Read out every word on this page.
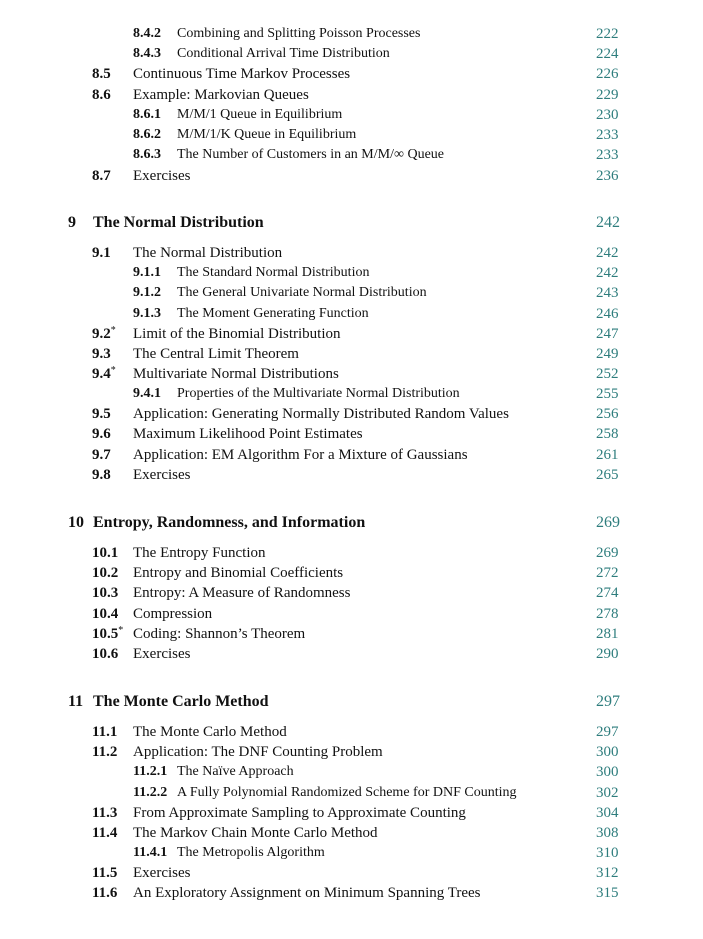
8.4.2 Combining and Splitting Poisson Processes	222
8.4.3 Conditional Arrival Time Distribution	224
8.5 Continuous Time Markov Processes	226
8.6 Example: Markovian Queues	229
8.6.1 M/M/1 Queue in Equilibrium	230
8.6.2 M/M/1/K Queue in Equilibrium	233
8.6.3 The Number of Customers in an M/M/∞ Queue	233
8.7 Exercises	236
9 The Normal Distribution	242
9.1 The Normal Distribution	242
9.1.1 The Standard Normal Distribution	242
9.1.2 The General Univariate Normal Distribution	243
9.1.3 The Moment Generating Function	246
9.2* Limit of the Binomial Distribution	247
9.3 The Central Limit Theorem	249
9.4* Multivariate Normal Distributions	252
9.4.1 Properties of the Multivariate Normal Distribution	255
9.5 Application: Generating Normally Distributed Random Values	256
9.6 Maximum Likelihood Point Estimates	258
9.7 Application: EM Algorithm For a Mixture of Gaussians	261
9.8 Exercises	265
10 Entropy, Randomness, and Information	269
10.1 The Entropy Function	269
10.2 Entropy and Binomial Coefficients	272
10.3 Entropy: A Measure of Randomness	274
10.4 Compression	278
10.5* Coding: Shannon’s Theorem	281
10.6 Exercises	290
11 The Monte Carlo Method	297
11.1 The Monte Carlo Method	297
11.2 Application: The DNF Counting Problem	300
11.2.1 The Naïve Approach	300
11.2.2 A Fully Polynomial Randomized Scheme for DNF Counting	302
11.3 From Approximate Sampling to Approximate Counting	304
11.4 The Markov Chain Monte Carlo Method	308
11.4.1 The Metropolis Algorithm	310
11.5 Exercises	312
11.6 An Exploratory Assignment on Minimum Spanning Trees	315
